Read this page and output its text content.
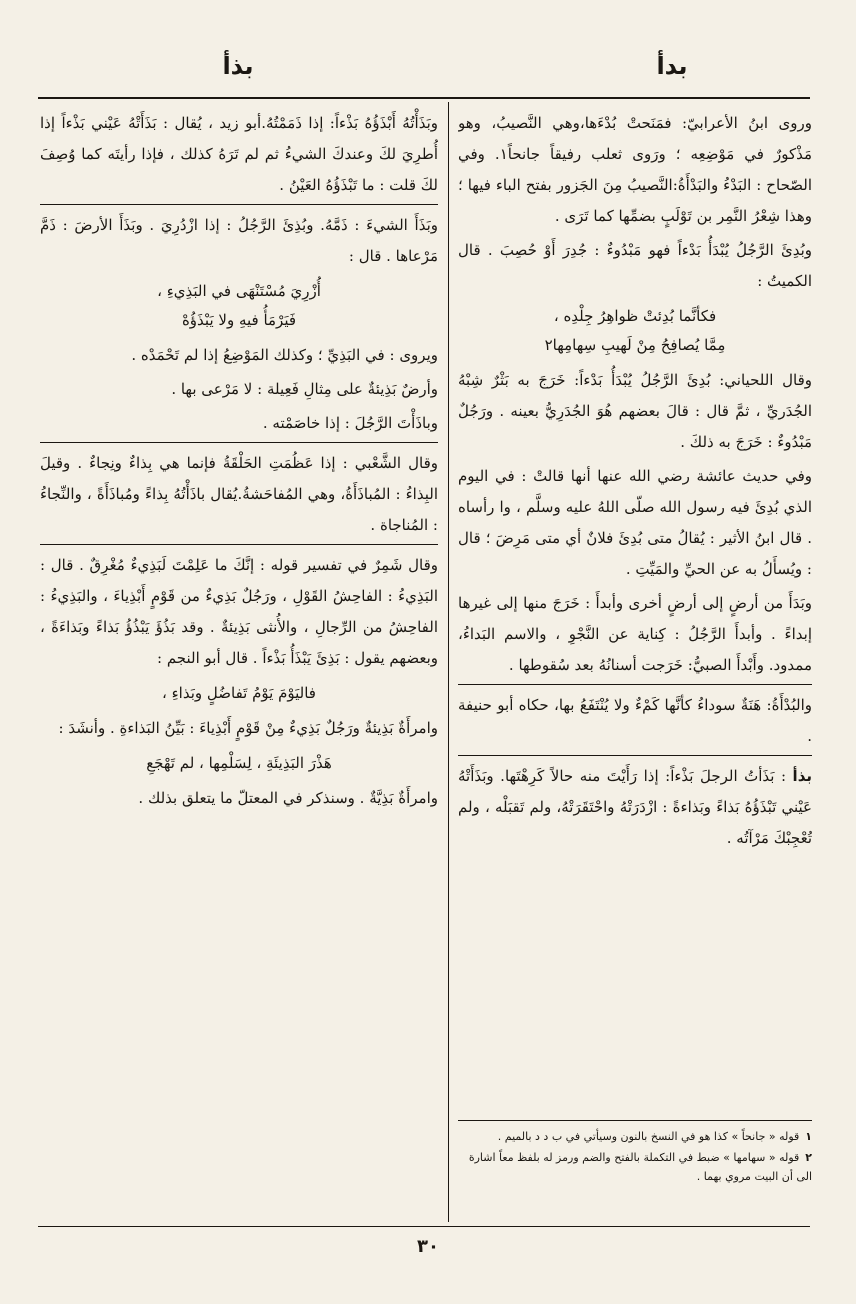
بدأ
بذأ

وروى ابنُ الأعرابيّ: فمَنَحتْ بُدْءَها،وهي النَّصيبُ، وهو مَذْكورٌ في مَوْضِعِه ؛ ورَوى ثعلب رفيقاً جانحاً١. وفي الصّحاح : البَدْءُ والبَدْأَةُ:النَّصيبُ مِنَ الجَزور بفتح الباء فيها ؛ وهذا شِعْرُ النَّمِر بن تَوْلَبٍ بضمِّها كما تَرَى .

وبُدِئَ الرَّجُلُ يُبْدَأُ بَدْءاً فهو مَبْدُوءٌ : جُدِرَ أَوْ حُصِبَ . قال الكميتُ :

فكأنَّما بُدِئتْ ظواهِرُ جِلْدِه ،
مِمَّا يُصافِحُ مِنْ لَهيبِ سِهامِها٢

وقال اللحياني: بُدِئَ الرَّجُلُ يُبْدَأُ بَدْءاً: خَرَجَ به بَثْرٌ شِبْهُ الجُدَريِّ ، ثمَّ قال : قالَ بعضهم هُوَ الجُدَرِيُّ بعينه . ورَجُلٌ مَبْدُوءٌ : خَرَجَ به ذلكَ .

وفي حديث عائشة رضي الله عنها أنها قالتْ : في اليوم الذي بُدِئَ فيه رسول الله صلّى اللهُ عليه وسلَّم ، وا رأساه . قال ابنُ الأثير : يُقالُ متى بُدِئَ فلانٌ أي متى مَرِضَ ؛ قال : ويُسأَلُ به عن الحيِّ والمَيِّتِ .

وبَدَأَ من أرضٍ إلى أرضٍ أخرى وأبدأَ : خَرَجَ منها إلى غيرها إبداءً . وأبدأَ الرَّجُلُ : كِناية عن النَّجْوِ ، والاسم البَداءُ، ممدود. وأَبْدأَ الصبيُّ: خَرَجت أسنانُهُ بعد سُقوطها .

والبُدْأَةُ: هَنَةٌ سوداءُ كأنَّها كَمْءٌ ولا يُنْتَفَعُ بها، حكاه أبو حنيفة .

بذأ : بَذَأتُ الرجلَ بَذْءاً: إذا رَأَيْتَ منه حالاً كَرِهْتَها. وبَذَأَتْهُ عَيْني تَبْذَؤُهُ بَذاءً وبَذاءةً : ازْدَرَتْهُ واحْتَقَرَتْهُ، ولم تَقبَلْه ، ولم تُعْجِبْكَ مَرْآتُه .

وبَذَأْتُهُ أَبْذَؤُهُ بَذْءاً: إذا ذَمَمْتُهُ.أبو زيد ، يُقال : بَذَأَتْهُ عَيْني بَذْءاً إذا أُطرِيَ لكَ وعندكَ الشيءُ ثم لم تَرَهُ كذلك ، فإذا رأيتَه كما وُصِفَ لكَ قلت : ما تَبْذَؤُهُ العَيْنُ .

وبَذَأَ الشيءَ : ذَمَّهُ. وبُذِئَ الرَّجُلُ : إذا ازْدُرِيَ . وبَذَأَ الأرضَ : ذَمَّ مَرْعاها . قال :

أُزْرِيَ مُسْتَنْهَى في البَذِيءِ ،
فَيَرْمَأُ فيهِ ولا يَبْذَؤُهْ

ويروى : في البَذِيِّ ؛ وكذلك المَوْضِعُ إذا لم تَحْمَدْه .

وأرضٌ بَذِيئةٌ على مِثالِ فَعِيلة : لا مَرْعى بها .

وباذَأْتَ الرَّجُلَ : إذا خاصَمْته .

وقال الشَّعْبي : إذا عَظُمَتِ الحَلْقَةُ فإنما هي بِذاءٌ ونِجاءٌ . وقيلَ البِذاءُ : المُباذَأَةُ، وهي المُفاحَشةُ.يُقال باذَأْتُهُ بِذاءً ومُباذَأَةً ، والنِّجاءُ : المُناجاة .

وقال شَمِرٌ في تفسير قوله : إنَّكَ ما عَلِمْتَ لَبَذِيءٌ مُغْرِقٌ . قال : البَذِيءُ : الفاحِشُ القَوْلِ ، ورَجُلٌ بَذِيءٌ من قَوْمٍ أَبْذِياءَ ، والبَذِيءُ : الفاحِشُ من الرِّجالِ ، والأُنثى بَذِيئةٌ . وقد بَذُؤَ يَبْذُؤُ بَذاءً وبَذاءَةً ، وبعضهم يقول : بَذِئَ يَبْذَأُ بَذْءاً . قال أبو النجم :

فاليَوْمَ يَوْمُ تَفاضُلٍ وبَذاءِ ،

وامرأَةٌ بَذِيئةٌ ورَجُلٌ بَذِيءٌ مِنْ قَوْمٍ أَبْذِياءَ : بَيِّنُ البَذاءةِ . وأنشَدَ :

هَذْرَ البَذِيئَةِ ، لِسَلْمِها ، لم تَهْجَعِ

وامرأَةٌ بَذِيَّةٌ . وسنذكر في المعتلّ ما يتعلق بذلك .

١قوله « جانحاً » كذا هو في النسخ بالنون وسيأتي في ب د د بالميم .
٢قوله « سهامها » ضبط في التكملة بالفتح والضم ورمز له بلفظ معاً اشارة الى أن البيت مروي بهما .
٣٠
